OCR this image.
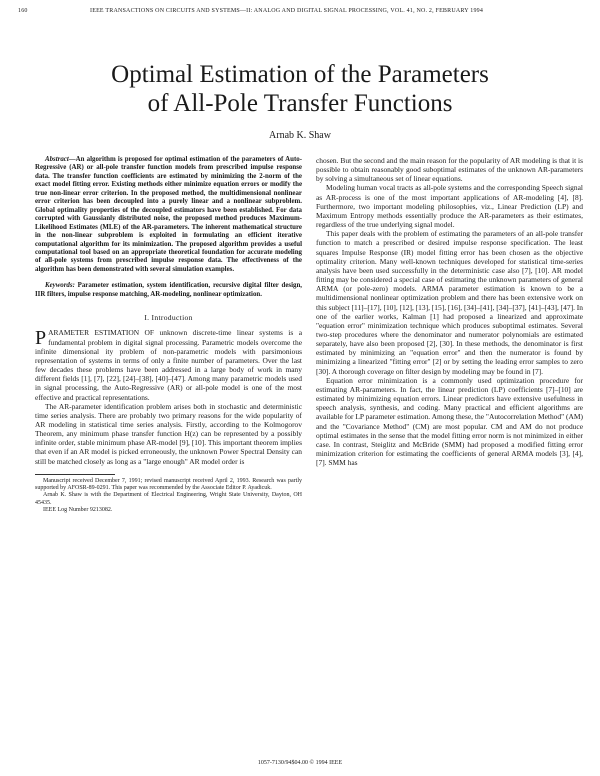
160	IEEE TRANSACTIONS ON CIRCUITS AND SYSTEMS—II: ANALOG AND DIGITAL SIGNAL PROCESSING, VOL. 41, NO. 2, FEBRUARY 1994
Optimal Estimation of the Parameters
of All-Pole Transfer Functions
Arnab K. Shaw

Abstract—An algorithm is proposed for optimal estimation of the parameters of Auto-Regressive (AR) or all-pole transfer function models from prescribed impulse response data. The transfer function coefficients are estimated by minimizing the 2-norm of the exact model fitting error. Existing methods either minimize equation errors or modify the true non-linear error criterion. In the proposed method, the multidimensional nonlinear error criterion has been decoupled into a purely linear and a nonlinear subproblem. Global optimality properties of the decoupled estimators have been established. For data corrupted with Gaussianly distributed noise, the proposed method produces Maximum-Likelihood Estimates (MLE) of the AR-parameters. The inherent mathematical structure in the non-linear subproblem is exploited in formulating an efficient iterative computational algorithm for its minimization. The proposed algorithm provides a useful computational tool based on an appropriate theoretical foundation for accurate modeling of all-pole systems from prescribed impulse response data. The effectiveness of the algorithm has been demonstrated with several simulation examples.

Keywords: Parameter estimation, system identification, recursive digital filter design, IIR filters, impulse response matching, AR-modeling, nonlinear optimization.

I. Introduction

PARAMETER ESTIMATION OF unknown discrete-time linear systems is a fundamental problem in digital signal processing. Parametric models overcome the infinite dimensional ity problem of non-parametric models with parsimonious representation of systems in terms of only a finite number of parameters. Over the last few decades these problems have been addressed in a large body of work in many different fields [1], [7], [22], [24]–[38], [40]–[47]. Among many parametric models used in signal processing, the Auto-Regressive (AR) or all-pole model is one of the most effective and practical representations.

The AR-parameter identification problem arises both in stochastic and deterministic time series analysis. There are probably two primary reasons for the wide popularity of AR modeling in statistical time series analysis. Firstly, according to the Kolmogorov Theorem, any minimum phase transfer function H(z) can be represented by a possibly infinite order, stable minimum phase AR-model [9], [10]. This important theorem implies that even if an AR model is picked erroneously, the unknown Power Spectral Density can still be matched closely as long as a "large enough" AR model order is

Manuscript received December 7, 1991; revised manuscript received April 2, 1993. Research was partly supported by AFOSR-89-0291. This paper was recommended by the Associate Editor P. Ayadicuk.

Arnab K. Shaw is with the Department of Electrical Engineering, Wright State University, Dayton, OH 45435.

IEEE Log Number 9213082.

chosen. But the second and the main reason for the popularity of AR modeling is that it is possible to obtain reasonably good suboptimal estimates of the unknown AR-parameters by solving a simultaneous set of linear equations.

Modeling human vocal tracts as all-pole systems and the corresponding Speech signal as AR-process is one of the most important applications of AR-modeling [4], [8]. Furthermore, two important modeling philosophies, viz., Linear Prediction (LP) and Maximum Entropy methods essentially produce the AR-parameters as their estimates, regardless of the true underlying signal model.

This paper deals with the problem of estimating the parameters of an all-pole transfer function to match a prescribed or desired impulse response specification. The least squares Impulse Response (IR) model fitting error has been chosen as the objective optimality criterion. Many well-known techniques developed for statistical time-series analysis have been used successfully in the deterministic case also [7], [10]. AR model fitting may be considered a special case of estimating the unknown parameters of general ARMA (or pole-zero) models. ARMA parameter estimation is known to be a multidimensional nonlinear optimization problem and there has been extensive work on this subject [11]–[17], [10], [12], [13], [15], [16], [34]–[41], [34]–[37], [41]–[43], [47]. In one of the earlier works, Kalman [1] had proposed a linearized and approximate "equation error" minimization technique which produces suboptimal estimates. Several two-step procedures where the denominator and numerator polynomials are estimated separately, have also been proposed [2], [30]. In these methods, the denominator is first estimated by minimizing an "equation error" and then the numerator is found by minimizing a linearized "fitting error" [2] or by setting the leading error samples to zero [30]. A thorough coverage on filter design by modeling may be found in [7].

Equation error minimization is a commonly used optimization procedure for estimating AR-parameters. In fact, the linear prediction (LP) coefficients [7]–[10] are estimated by minimizing equation errors. Linear predictors have extensive usefulness in speech analysis, synthesis, and coding. Many practical and efficient algorithms are available for LP parameter estimation. Among these, the "Autocorrelation Method" (AM) and the "Covariance Method" (CM) are most popular. CM and AM do not produce optimal estimates in the sense that the model fitting error norm is not minimized in either case. In contrast, Steiglitz and McBride (SMM) had proposed a modified fitting error minimization criterion for estimating the coefficients of general ARMA models [3], [4], [7]. SMM has

1057-7130/94$04.00 © 1994 IEEE
